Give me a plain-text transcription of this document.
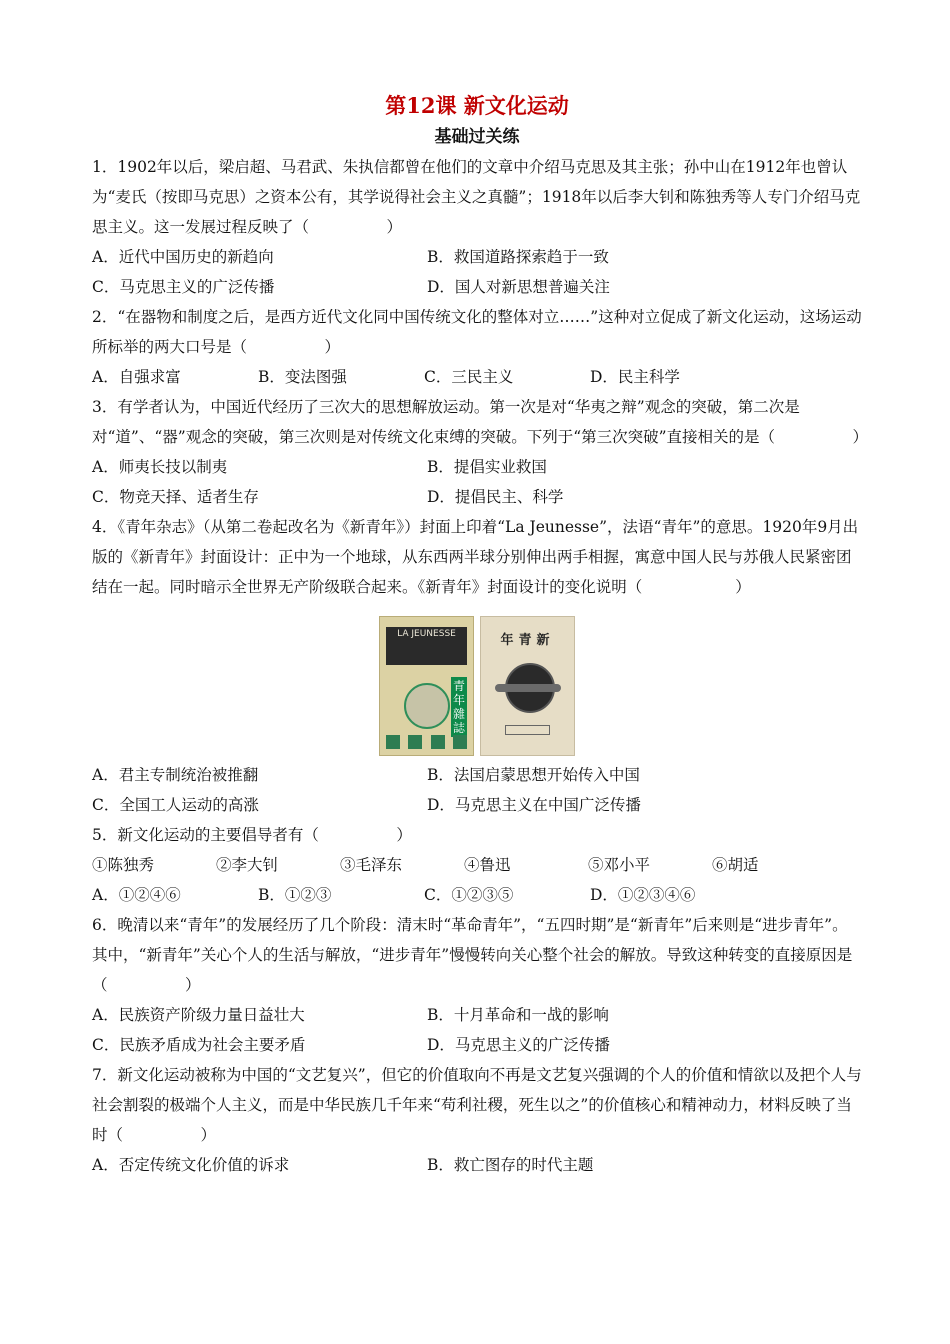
第12课 新文化运动
基础过关练

1．1902年以后，梁启超、马君武、朱执信都曾在他们的文章中介绍马克思及其主张；孙中山在1912年也曾认为“麦氏（按即马克思）之资本公有，其学说得社会主义之真髓”；1918年以后李大钊和陈独秀等人专门介绍马克思主义。这一发展过程反映了（　　　　　）

A．近代中国历史的新趋向	B．救国道路探索趋于一致
C．马克思主义的广泛传播	D．国人对新思想普遍关注

2．“在器物和制度之后，是西方近代文化同中国传统文化的整体对立……”这种对立促成了新文化运动，这场运动所标举的两大口号是（　　　　　）

A．自强求富	B．变法图强	C．三民主义	D．民主科学

3．有学者认为，中国近代经历了三次大的思想解放运动。第一次是对“华夷之辩”观念的突破，第二次是对“道”、“器”观念的突破，第三次则是对传统文化束缚的突破。下列于“第三次突破”直接相关的是（　　　　　）

A．师夷长技以制夷	B．提倡实业救国
C．物竞天择、适者生存	D．提倡民主、科学

4．《青年杂志》（从第二卷起改名为《新青年》）封面上印着“La Jeunesse”，法语“青年”的意思。1920年9月出版的《新青年》封面设计：正中为一个地球，从东西两半球分别伸出两手相握，寓意中国人民与苏俄人民紧密团结在一起。同时暗示全世界无产阶级联合起来。《新青年》封面设计的变化说明（　　　　　　）

LA JEUNESSE
青年雜誌
年青新
A．君主专制统治被推翻	B．法国启蒙思想开始传入中国
C．全国工人运动的高涨	D．马克思主义在中国广泛传播

5．新文化运动的主要倡导者有（　　　　　）

①陈独秀	②李大钊	③毛泽东	④鲁迅	⑤邓小平	⑥胡适
A．①②④⑥	B．①②③	C．①②③⑤	D．①②③④⑥

6．晚清以来“青年”的发展经历了几个阶段：清末时“革命青年”，“五四时期”是“新青年”后来则是“进步青年”。其中，“新青年”关心个人的生活与解放，“进步青年”慢慢转向关心整个社会的解放。导致这种转变的直接原因是（　　　　　）

A．民族资产阶级力量日益壮大	B．十月革命和一战的影响
C．民族矛盾成为社会主要矛盾	D．马克思主义的广泛传播

7．新文化运动被称为中国的“文艺复兴”，但它的价值取向不再是文艺复兴强调的个人的价值和情欲以及把个人与社会割裂的极端个人主义，而是中华民族几千年来“苟利社稷，死生以之”的价值核心和精神动力，材料反映了当时（　　　　　）

A．否定传统文化价值的诉求	B．救亡图存的时代主题
